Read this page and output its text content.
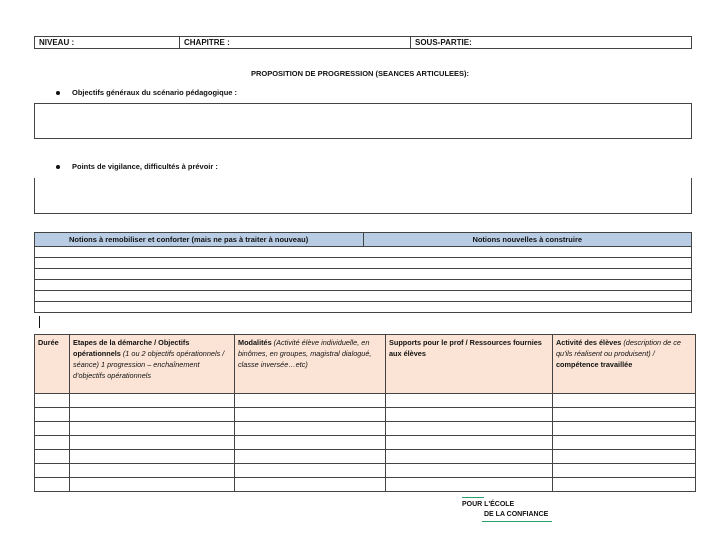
NIVEAU :	CHAPITRE :	SOUS-PARTIE:
PROPOSITION DE PROGRESSION (SEANCES ARTICULEES):
Objectifs généraux du scénario pédagogique :
Points de vigilance, difficultés à prévoir :
Notions à remobiliser et conforter (mais ne pas à traiter à nouveau)	Notions nouvelles à construire

Durée	Etapes de la démarche / Objectifs opérationnels (1 ou 2 objectifs opérationnels / séance) 1 progression – enchaînement d'objectifs opérationnels	Modalités (Activité élève individuelle, en binômes, en groupes, magistral dialogué, classe inversée…etc)	Supports pour le prof / Ressources fournies aux élèves	Activité des élèves (description de ce qu'ils réalisent ou produisent) / compétence travaillée

POUR L'ÉCOLE
DE LA CONFIANCE
